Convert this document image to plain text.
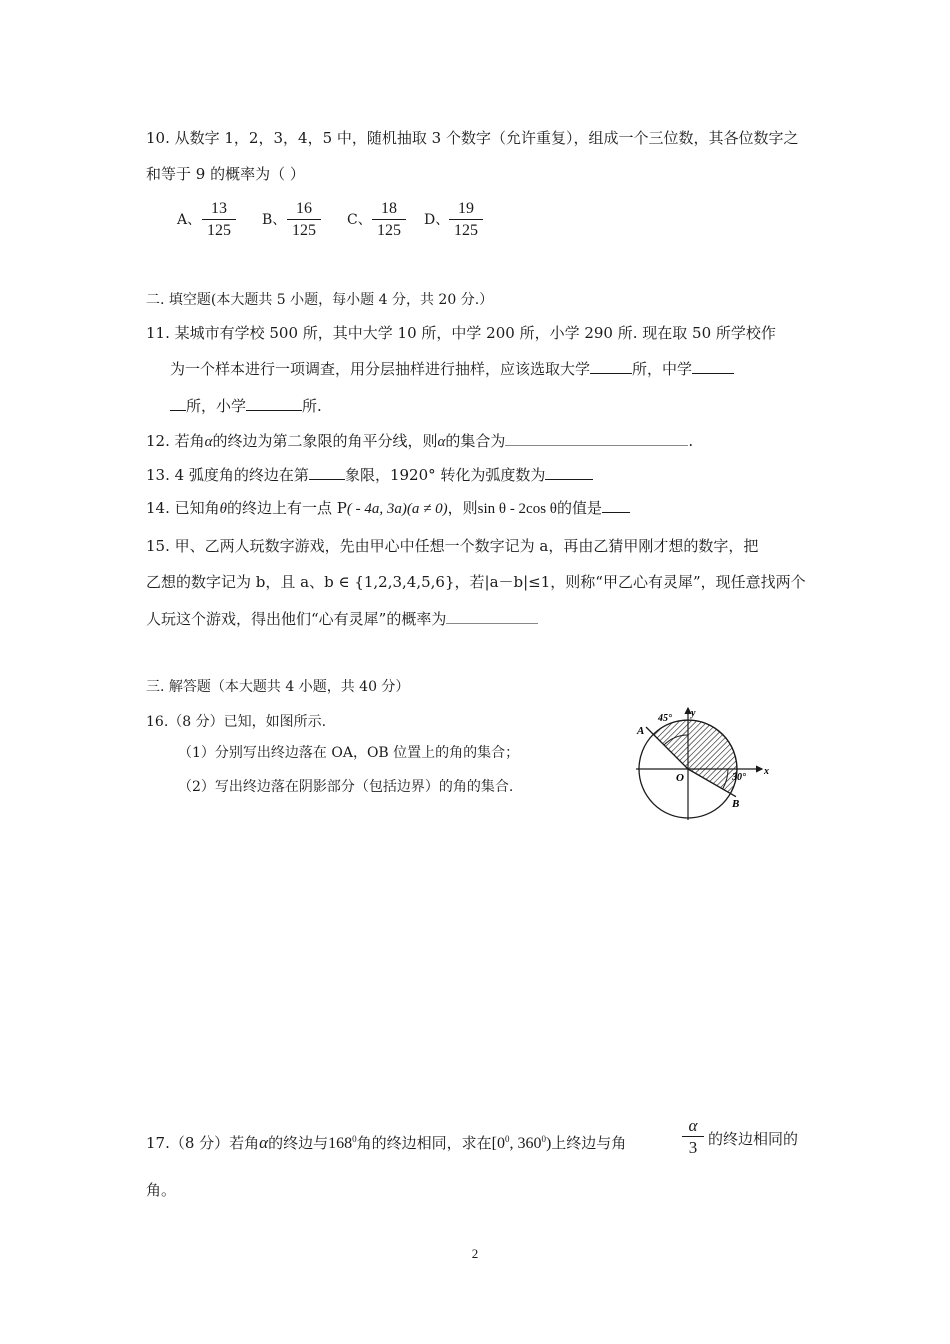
10. 从数字 1，2，3，4，5 中，随机抽取 3 个数字（允许重复），组成一个三位数，其各位数字之
和等于 9 的概率为（ ）
A、 $\frac{13}{125}$ B、 $\frac{16}{125}$ C、 $\frac{18}{125}$ D、 $\frac{19}{125}$
二. 填空题(本大题共 5 小题，每小题 4 分，共 20 分.）
11. 某城市有学校 500 所，其中大学 10 所，中学 200 所，小学 290 所. 现在取 50 所学校作
为一个样本进行一项调查，用分层抽样进行抽样，应该选取大学	所，中学
所，小学	所.
12. 若角α的终边为第二象限的角平分线，则α的集合为	.
13. 4 弧度角的终边在第 象限，1920° 转化为弧度数为
14. 已知角θ的终边上有一点 P( - 4a, 3a)(a ≠ 0)，则sin θ - 2cos θ的值是
15. 甲、乙两人玩数字游戏，先由甲心中任想一个数字记为 a，再由乙猜甲刚才想的数字，把
乙想的数字记为 b，且 a、b ∈ {1,2,3,4,5,6}，若|a－b|≤1，则称“甲乙心有灵犀”，现任意找两个
人玩这个游戏，得出他们“心有灵犀”的概率为
三. 解答题（本大题共 4 小题，共 40 分）
16.（8 分）已知，如图所示.
（1）分别写出终边落在 OA，OB 位置上的角的集合；
（2）写出终边落在阴影部分（包括边界）的角的集合.
A
B
O
x
y
45°
30°
17.（8 分）若角α的终边与$168^0$角的终边相同，求在[$0^0$, $360^0$)上终边与角	$\frac{\alpha}{3}$ 的终边相同的
角。
2
